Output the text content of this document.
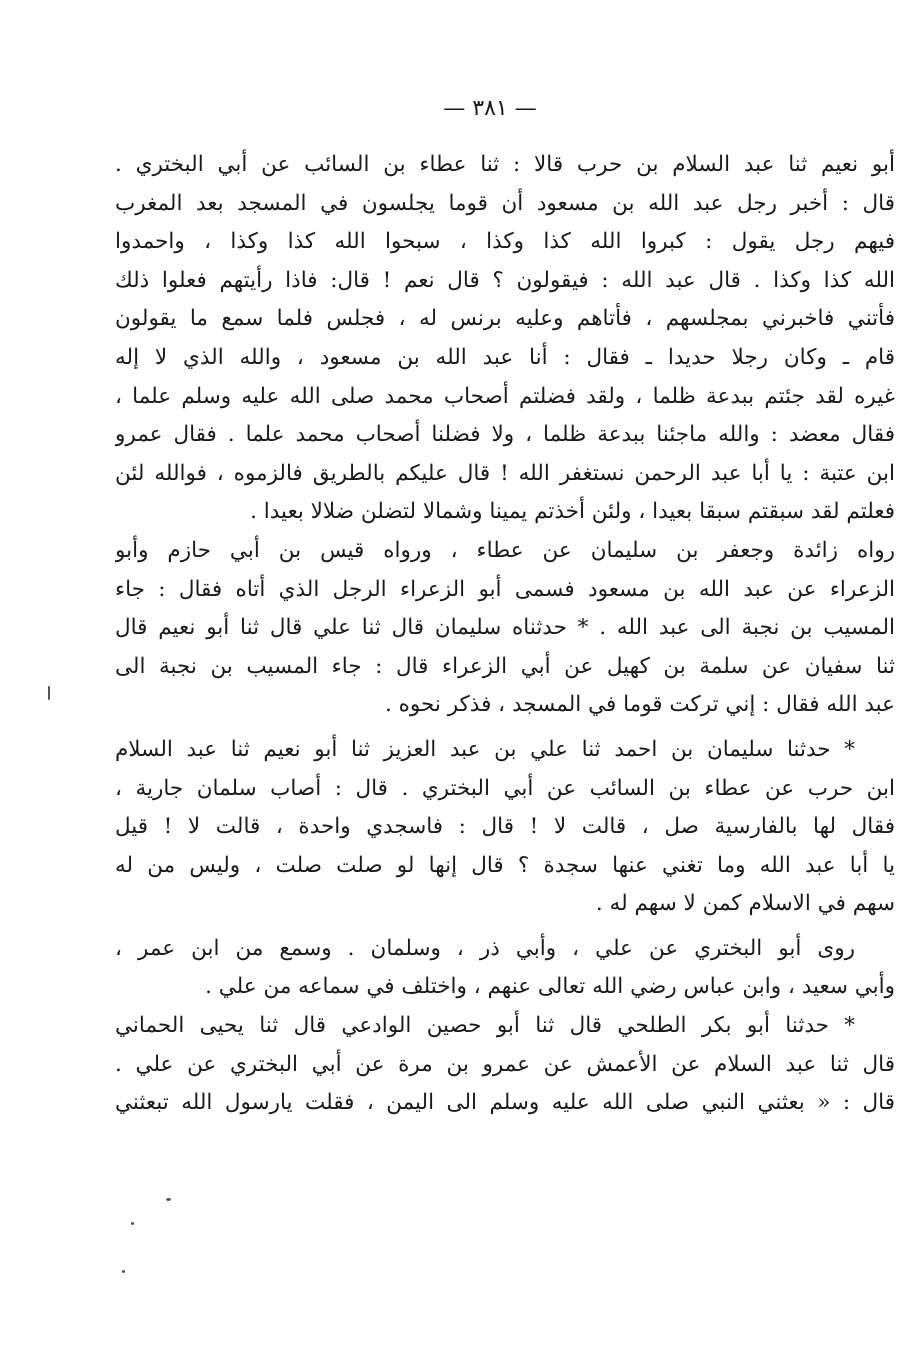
— ٣٨١ —

أبو نعيم ثنا عبد السلام بن حرب قالا : ثنا عطاء بن السائب عن أبي البختري .
قال : أخبر رجل عبد الله بن مسعود أن قوما يجلسون في المسجد بعد المغرب
فيهم رجل يقول : كبروا الله كذا وكذا ، سبحوا الله كذا وكذا ، واحمدوا
الله كذا وكذا . قال عبد الله : فيقولون ؟ قال نعم ! قال: فاذا رأيتهم فعلوا ذلك
فأتني فاخبرني بمجلسهم ، فأتاهم وعليه برنس له ، فجلس فلما سمع ما يقولون
قام ـ وكان رجلا حديدا ـ فقال : أنا عبد الله بن مسعود ، والله الذي لا إله
غيره لقد جئتم ببدعة ظلما ، ولقد فضلتم أصحاب محمد صلى الله عليه وسلم علما ،
فقال معضد : والله ماجئنا ببدعة ظلما ، ولا فضلنا أصحاب محمد علما . فقال عمرو
ابن عتبة : يا أبا عبد الرحمن نستغفر الله ! قال عليكم بالطريق فالزموه ، فوالله لئن
فعلتم لقد سبقتم سبقا بعيدا ، ولئن أخذتم يمينا وشمالا لتضلن ضلالا بعيدا .

رواه زائدة وجعفر بن سليمان عن عطاء ، ورواه قيس بن أبي حازم وأبو
الزعراء عن عبد الله بن مسعود فسمى أبو الزعراء الرجل الذي أتاه فقال : جاء
المسيب بن نجبة الى عبد الله . * حدثناه سليمان قال ثنا علي قال ثنا أبو نعيم قال
ثنا سفيان عن سلمة بن كهيل عن أبي الزعراء قال : جاء المسيب بن نجبة الى
عبد الله فقال : إني تركت قوما في المسجد ، فذكر نحوه .

* حدثنا سليمان بن احمد ثنا علي بن عبد العزيز ثنا أبو نعيم ثنا عبد السلام
ابن حرب عن عطاء بن السائب عن أبي البختري . قال : أصاب سلمان جارية ،
فقال لها بالفارسية صل ، قالت لا ! قال : فاسجدي واحدة ، قالت لا ! قيل
يا أبا عبد الله وما تغني عنها سجدة ؟ قال إنها لو صلت صلت ، وليس من له
سهم في الاسلام كمن لا سهم له .

روى أبو البختري عن علي ، وأبي ذر ، وسلمان . وسمع من ابن عمر ،
وأبي سعيد ، وابن عباس رضي الله تعالى عنهم ، واختلف في سماعه من علي .

* حدثنا أبو بكر الطلحي قال ثنا أبو حصين الوادعي قال ثنا يحيى الحماني
قال ثنا عبد السلام عن الأعمش عن عمرو بن مرة عن أبي البختري عن علي .
قال : « بعثني النبي صلى الله عليه وسلم الى اليمن ، فقلت يارسول الله تبعثني
